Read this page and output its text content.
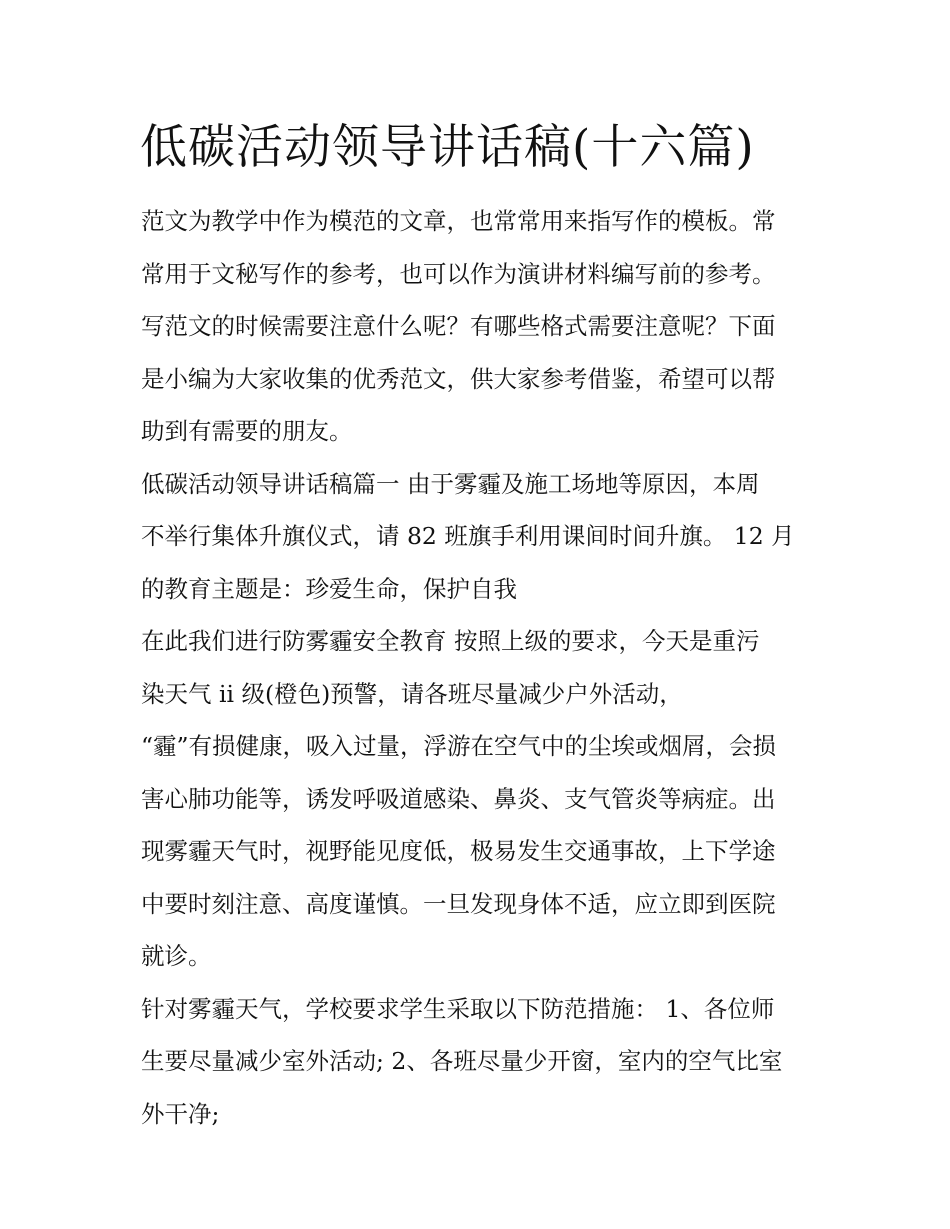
低碳活动领导讲话稿(十六篇)

范文为教学中作为模范的文章，也常常用来指写作的模板。常
常用于文秘写作的参考，也可以作为演讲材料编写前的参考。
写范文的时候需要注意什么呢？有哪些格式需要注意呢？下面
是小编为大家收集的优秀范文，供大家参考借鉴，希望可以帮
助到有需要的朋友。

低碳活动领导讲话稿篇一 由于雾霾及施工场地等原因，本周
不举行集体升旗仪式，请 82 班旗手利用课间时间升旗。 12 月
的教育主题是：珍爱生命，保护自我

在此我们进行防雾霾安全教育 按照上级的要求，今天是重污
染天气 ii 级(橙色)预警，请各班尽量减少户外活动，

“霾”有损健康，吸入过量，浮游在空气中的尘埃或烟屑，会损
害心肺功能等，诱发呼吸道感染、鼻炎、支气管炎等病症。出
现雾霾天气时，视野能见度低，极易发生交通事故，上下学途
中要时刻注意、高度谨慎。一旦发现身体不适，应立即到医院
就诊。

针对雾霾天气，学校要求学生采取以下防范措施： 1、各位师
生要尽量减少室外活动; 2、各班尽量少开窗，室内的空气比室
外干净;
